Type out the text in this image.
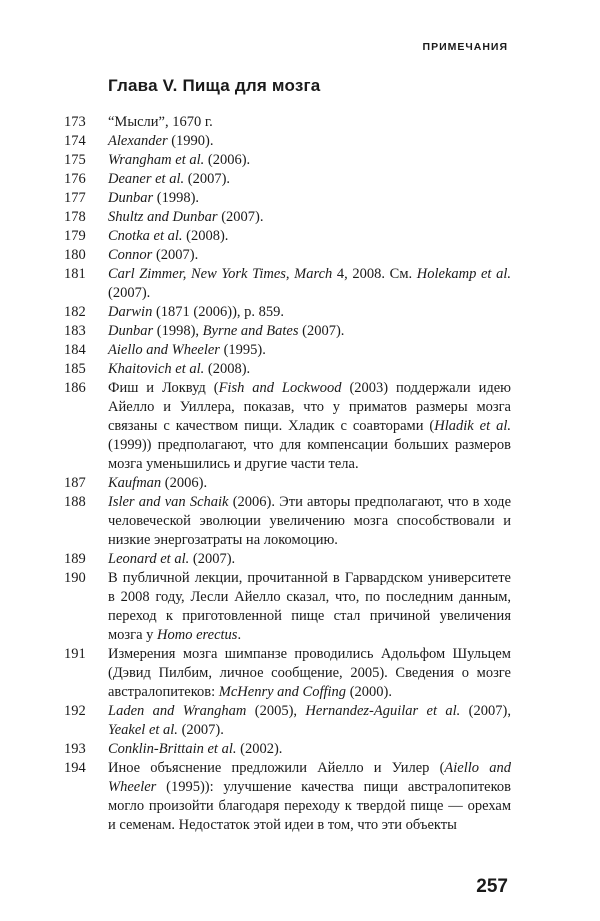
ПРИМЕЧАНИЯ
Глава V. Пища для мозга

173	“Мысли”, 1670 г.

174	Alexander (1990).

175	Wrangham et al. (2006).

176	Deaner et al. (2007).

177	Dunbar (1998).

178	Shultz and Dunbar (2007).

179	Cnotka et al. (2008).

180	Connor (2007).

181	Carl Zimmer, New York Times, March 4, 2008. См. Holekamp et al. (2007).

182	Darwin (1871 (2006)), p. 859.

183	Dunbar (1998), Byrne and Bates (2007).

184	Aiello and Wheeler (1995).

185	Khaitovich et al. (2008).

186	Фиш и Локвуд (Fish and Lockwood (2003) поддержали идею Айелло и Уиллера, показав, что у приматов размеры мозга связаны с качеством пищи. Хладик с соавторами (Hladik et al. (1999)) предполагают, что для компенсации больших размеров мозга уменьшились и другие части тела.

187	Kaufman (2006).

188	Isler and van Schaik (2006). Эти авторы предполагают, что в ходе человеческой эволюции увеличению мозга способствовали и низкие энергозатраты на локомоцию.

189	Leonard et al. (2007).

190	В публичной лекции, прочитанной в Гарвардском университете в 2008 году, Лесли Айелло сказал, что, по последним данным, переход к приготовленной пище стал причиной увеличения мозга у Homo erectus.

191	Измерения мозга шимпанзе проводились Адольфом Шульцем (Дэвид Пилбим, личное сообщение, 2005). Сведения о мозге австралопитеков: McHenry and Coffing (2000).

192	Laden and Wrangham (2005), Hernandez-Aguilar et al. (2007), Yeakel et al. (2007).

193	Conklin-Brittain et al. (2002).

194	Иное объяснение предложили Айелло и Уилер (Aiello and Wheeler (1995)): улучшение качества пищи австралопитеков могло произойти благодаря переходу к твердой пище — орехам и семенам. Недостаток этой идеи в том, что эти объекты

257
